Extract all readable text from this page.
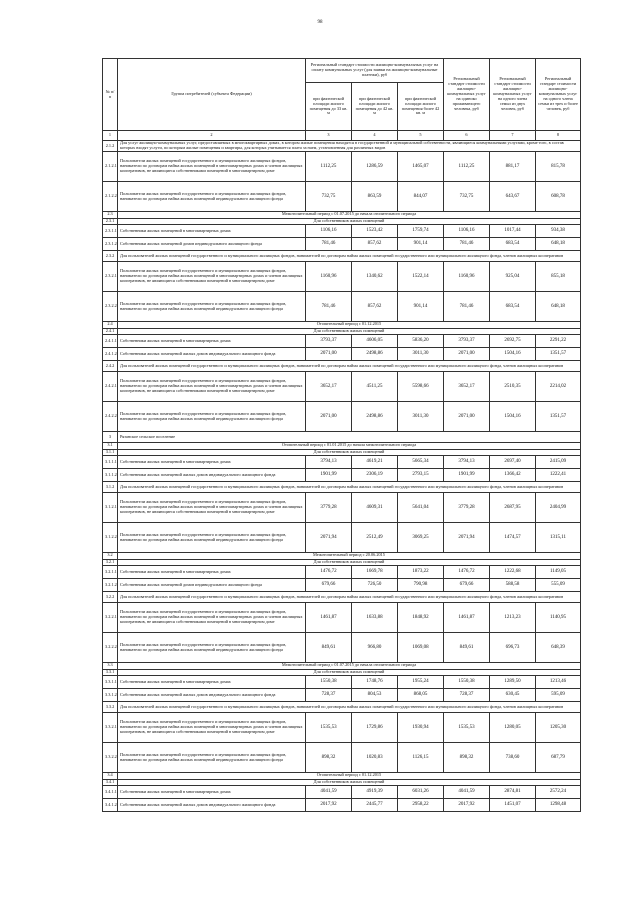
98
№ п/п	Группа потребителей (субъекта Федерации)	Региональный стандарт стоимости жилищно-коммунальных услуг на оплату коммунальных услуг (для заявки на жилищно-коммунальные платежи), руб			Региональный стандарт стоимости жилищно-коммунальных услуг на одиноко проживающего человека, руб	Региональный стандарт стоимости жилищно-коммунальных услуг на одного члена семьи из двух человек, руб	Региональный стандарт стоимости жилищно-коммунальных услуг на одного члена семьи из трех и более человек, руб
		при фактической площади жилого помещения до 33 кв. м	при фактической площади жилого помещения до 42 кв. м	при фактической площади жилого помещения более 42 кв. м			
1	2	3	4	5	6	7	8
2.1.2	Для услуг жилищно-коммунальных услуг, предоставляемых в многоквартирных домах, в котором жилые помещения находятся в государственной и муниципальной собственности, являющиеся коммунальными услугами, кроме того, в состав которых входят услуги, по которым жилые помещения и квартиры, для которых учитывается плата за наем, установленная для различных видов						
2.1.2.1	Пользователи жилых помещений государственного и муниципального жилищных фондов, наниматели по договорам найма жилых помещений в многоквартирных домах и членов жилищных кооперативов, не являющиеся собственниками помещений в многоквартирном доме	1112,25	1286,59	1465,07	1112,25	881,17	815,78
2.1.2.2	Пользователи жилых помещений государственного и муниципального жилищных фондов, наниматели по договорам найма жилых помещений индивидуального жилищного фонда	732,75	863,59	844,07	732,75	643,67	608,78
2.3	Межотопительный период с 01.07.2015 до начала отопительного периода						
2.3.1	Для собственников жилых помещений						
2.3.1.1	Собственники жилых помещений в многоквартирных домах	1106,16	1523,42	1759,74	1106,16	1017,44	934,38
2.3.1.2	Собственники жилых помещений домов индивидуального жилищного фонда	781,46	857,62	901,14	781,46	683,54	648,18
2.3.2	Для пользователей жилых помещений государственного и муниципального жилищных фондов, нанимателей по договорам найма жилых помещений государственного или муниципального жилищного фонда, членов жилищных кооперативов						
2.3.2.1	Пользователи жилых помещений государственного и муниципального жилищных фондов, наниматели по договорам найма жилых помещений в многоквартирных домах и членов жилищных кооперативов, не являющиеся собственниками помещений в многоквартирном доме	1160,96	1340,62	1522,14	1160,96	925,04	855,18
2.3.2.2	Пользователи жилых помещений государственного и муниципального жилищных фондов, наниматели по договорам найма жилых помещений индивидуального жилищного фонда	781,46	857,62	901,14	781,46	683,54	648,18
2.4	Отопительный период с 01.12.2015						
2.4.1	Для собственников жилых помещений						
2.4.1.1	Собственники жилых помещений в многоквартирных домах	3793,37	4606,05	5836,20	3793,37	2692,75	2291,22
2.4.1.2	Собственники жилых помещений жилых домов индивидуального жилищного фонда	2071,00	2498,86	3011,30	2071,00	1504,16	1351,57
2.4.2	Для пользователей жилых помещений государственного и муниципального жилищных фондов, нанимателей по договорам найма жилых помещений государственного или муниципального жилищного фонда, членов жилищных кооперативов						
2.4.2.1	Пользователи жилых помещений государственного и муниципального жилищных фондов, наниматели по договорам найма жилых помещений в многоквартирных домах и членов жилищных кооперативов, не являющиеся собственниками помещений в многоквартирном доме	3652,17	4511,25	5598,66	3652,17	2510,35	2214,02
2.4.2.2	Пользователи жилых помещений государственного и муниципального жилищных фондов, наниматели по договорам найма жилых помещений индивидуального жилищного фонда	2071,00	2498,86	3011,30	2071,00	1504,16	1351,57
3	Рязанское сельское поселение						
3.1	Отопительный период с 01.01.2015 до начала межотопительного периода						
3.1.1	Для собственников жилых помещений						
3.1.1.1	Собственники жилых помещений в многоквартирных домах	3794,13	4619,21	5665,34	3794,13	2697,40	2415,09
3.1.1.2	Собственники жилых помещений жилых домов индивидуального жилищного фонда	1901,99	2306,19	2793,15	1901,99	1366,42	1222,41
3.1.2	Для пользователей жилых помещений государственного и муниципального жилищных фондов, нанимателей по договорам найма жилых помещений государственного или муниципального жилищного фонда, членов жилищных кооперативов						
3.1.2.1	Пользователи жилых помещений государственного и муниципального жилищных фондов, наниматели по договорам найма жилых помещений в многоквартирных домах и членов жилищных кооперативов, не являющиеся собственниками помещений в многоквартирном доме	3779,28	4609,31	5641,04	3779,28	2687,95	2404,99
3.1.2.2	Пользователи жилых помещений государственного и муниципального жилищных фондов, наниматели по договорам найма жилых помещений индивидуального жилищного фонда	2071,94	2512,49	3069,25	2071,94	1474,57	1315,11
3.2	Межотопительный период с 20.06.2015						
3.2.1	Для собственников жилых помещений						
3.2.1.1	Собственники жилых помещений в многоквартирных домах	1476,72	1669,78	1873,22	1476,72	1222,68	1149,05
3.2.1.2	Собственники жилых помещений домов индивидуального жилищного фонда	679,66	726,50	790,98	679,66	588,58	555,09
3.2.2	Для пользователей жилых помещений государственного и муниципального жилищных фондов, нанимателей по договорам найма жилых помещений государственного или муниципального жилищного фонда, членов жилищных кооперативов						
3.2.2.1	Пользователи жилых помещений государственного и муниципального жилищных фондов, наниматели по договорам найма жилых помещений в многоквартирных домах и членов жилищных кооперативов, не являющиеся собственниками помещений в многоквартирном доме	1461,87	1633,88	1848,92	1461,87	1213,23	1140,95
3.2.2.2	Пользователи жилых помещений государственного и муниципального жилищных фондов, наниматели по договорам найма жилых помещений индивидуального жилищного фонда	849,61	966,80	1069,08	849,61	696,73	648,39
3.3	Межотопительный период с 01.07.2015 до начала отопительного периода						
3.3.1	Для собственников жилых помещений						
3.3.1.1	Собственники жилых помещений в многоквартирных домах	1550,38	1748,76	1955,24	1550,38	1289,50	1213,46
3.3.1.2	Собственники жилых помещений жилых домов индивидуального жилищного фонда	728,37	804,53	868,05	728,37	630,45	595,09
3.3.2	Для пользователей жилых помещений государственного и муниципального жилищных фондов, нанимателей по договорам найма жилых помещений государственного или муниципального жилищного фонда, членов жилищных кооперативов						
3.3.2.1	Пользователи жилых помещений государственного и муниципального жилищных фондов, наниматели по договорам найма жилых помещений в многоквартирных домах и членов жилищных кооперативов, не являющиеся собственниками помещений в многоквартирном доме	1535,53	1729,86	1930,94	1535,53	1280,05	1205,30
3.3.2.2	Пользователи жилых помещений государственного и муниципального жилищных фондов, наниматели по договорам найма жилых помещений индивидуального жилищного фонда	898,32	1020,83	1126,15	898,32	738,60	687,79
3.4	Отопительный период с 01.12.2015						
3.4.1	Для собственников жилых помещений						
3.4.1.1	Собственники жилых помещений в многоквартирных домах	4041,59	4919,39	6031,26	4041,59	2874,81	2572,24
3.4.1.2	Собственники жилых помещений жилых домов индивидуального жилищного фонда	2017,92	2445,77	2958,22	2017,92	1451,07	1298,48
